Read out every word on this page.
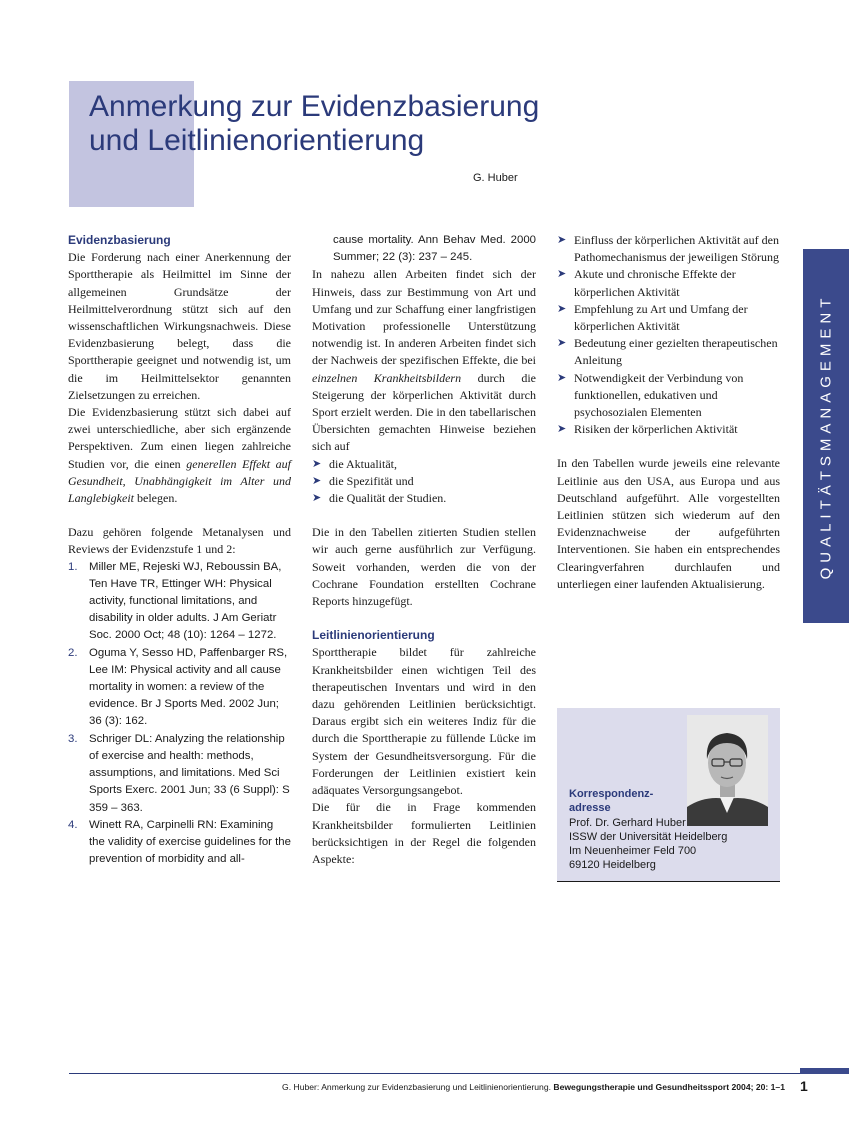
Anmerkung zur Evidenzbasierung
und Leitlinienorientierung
G. Huber
Evidenzbasierung

Die Forderung nach einer Anerkennung der Sporttherapie als Heilmittel im Sinne der allgemeinen Grundsätze der Heilmittelverordnung stützt sich auf den wissenschaftlichen Wirkungsnachweis. Diese Evidenzbasierung belegt, dass die Sporttherapie geeignet und notwendig ist, um die im Heilmittelsektor genannten Zielsetzungen zu erreichen.

Die Evidenzbasierung stützt sich dabei auf zwei unterschiedliche, aber sich ergänzende Perspektiven. Zum einen liegen zahlreiche Studien vor, die einen generellen Effekt auf Gesundheit, Unabhängigkeit im Alter und Langlebigkeit belegen.

Dazu gehören folgende Metanalysen und Reviews der Evidenzstufe 1 und 2:

1. Miller ME, Rejeski WJ, Reboussin BA, Ten Have TR, Ettinger WH: Physical activity, functional limitations, and disability in older adults. J Am Geriatr Soc. 2000 Oct; 48 (10): 1264 – 1272.
2. Oguma Y, Sesso HD, Paffenbarger RS, Lee IM: Physical activity and all cause mortality in women: a review of the evidence. Br J Sports Med. 2002 Jun; 36 (3): 162.
3. Schriger DL: Analyzing the relationship of exercise and health: methods, assumptions, and limitations. Med Sci Sports Exerc. 2001 Jun; 33 (6 Suppl): S 359 – 363.
4. Winett RA, Carpinelli RN: Examining the validity of exercise guidelines for the prevention of morbidity and all-

cause mortality. Ann Behav Med. 2000 Summer; 22 (3): 237 – 245.

In nahezu allen Arbeiten findet sich der Hinweis, dass zur Bestimmung von Art und Umfang und zur Schaffung einer langfristigen Motivation professionelle Unterstützung notwendig ist. In anderen Arbeiten findet sich der Nachweis der spezifischen Effekte, die bei einzelnen Krankheitsbildern durch die Steigerung der körperlichen Aktivität durch Sport erzielt werden. Die in den tabellarischen Übersichten gemachten Hinweise beziehen sich auf

➤ die Aktualität,
➤ die Spezifität und
➤ die Qualität der Studien.

Die in den Tabellen zitierten Studien stellen wir auch gerne ausführlich zur Verfügung. Soweit vorhanden, werden die von der Cochrane Foundation erstellten Cochrane Reports hinzugefügt.

Leitlinienorientierung

Sporttherapie bildet für zahlreiche Krankheitsbilder einen wichtigen Teil des therapeutischen Inventars und wird in den dazu gehörenden Leitlinien berücksichtigt. Daraus ergibt sich ein weiteres Indiz für die durch die Sporttherapie zu füllende Lücke im System der Gesundheitsversorgung. Für die Forderungen der Leitlinien existiert kein adäquates Versorgungsangebot.

Die für die in Frage kommenden Krankheitsbilder formulierten Leitlinien berücksichtigen in der Regel die folgenden Aspekte:

➤ Einfluss der körperlichen Aktivität auf den Pathomechanismus der jeweiligen Störung
➤ Akute und chronische Effekte der körperlichen Aktivität
➤ Empfehlung zu Art und Umfang der körperlichen Aktivität
➤ Bedeutung einer gezielten therapeutischen Anleitung
➤ Notwendigkeit der Verbindung von funktionellen, edukativen und psychosozialen Elementen
➤ Risiken der körperlichen Aktivität

In den Tabellen wurde jeweils eine relevante Leitlinie aus den USA, aus Europa und aus Deutschland aufgeführt. Alle vorgestellten Leitlinien stützen sich wiederum auf den Evidenznachweise der aufgeführten Interventionen. Sie haben ein entsprechendes Clearingverfahren durchlaufen und unterliegen einer laufenden Aktualisierung.

QUALITÄTSMANAGEMENT
Korrespondenz-
adresse
Prof. Dr. Gerhard Huber
ISSW der Universität Heidelberg
Im Neuenheimer Feld 700
69120 Heidelberg
G. Huber: Anmerkung zur Evidenzbasierung und Leitlinienorientierung. Bewegungstherapie und Gesundheitssport 2004; 20: 1–1 1
